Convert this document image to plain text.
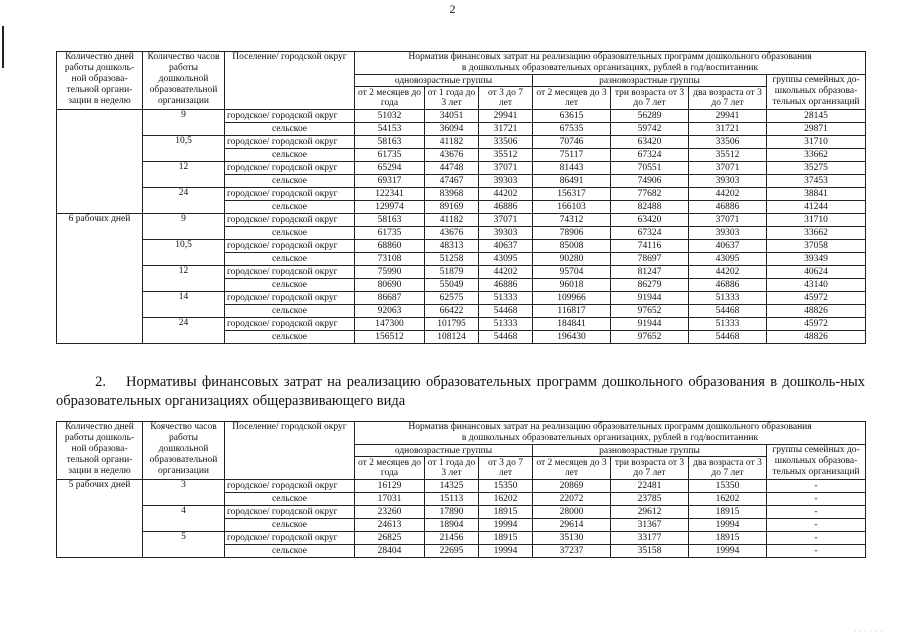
2
Количество дней работы дошколь-ной образова-тельной органи-зации в неделю	Количество часов работы дошкольной образовательной организации	Поселение/ городской округ	Норматив финансовых затрат на реализацию образовательных программ дошкольного образования
в дошкольных образовательных организациях, рублей в год/воспитанник						

			одновозрастные группы			разновозрастные группы			группы семейных до-школьных образова-тельных организаций
			от 2 месяцев до года	от 1 года до 3 лет	от 3 до 7 лет	от 2 месяцев до 3 лет	три возраста от 3 до 7 лет	два возраста от 3 до 7 лет	
	9	городское/ городской округ	51032	34051	29941	63615	56289	29941	28145
		сельское	54153	36094	31721	67535	59742	31721	29871
	10,5	городское/ городской округ	58163	41182	33506	70746	63420	33506	31710
		сельское	61735	43676	35512	75117	67324	35512	33662
	12	городское/ городской округ	65294	44748	37071	81443	70551	37071	35275
		сельское	69317	47467	39303	86491	74906	39303	37453
	24	городское/ городской округ	122341	83968	44202	156317	77682	44202	38841
		сельское	129974	89169	46886	166103	82488	46886	41244
6 рабочих дней	9	городское/ городской округ	58163	41182	37071	74312	63420	37071	31710
		сельское	61735	43676	39303	78906	67324	39303	33662
	10,5	городское/ городской округ	68860	48313	40637	85008	74116	40637	37058
		сельское	73108	51258	43095	90280	78697	43095	39349
	12	городское/ городской округ	75990	51879	44202	95704	81247	44202	40624
		сельское	80690	55049	46886	96018	86279	46886	43140
	14	городское/ городской округ	86687	62575	51333	109966	91944	51333	45972
		сельское	92063	66422	54468	116817	97652	54468	48826
	24	городское/ городской округ	147300	101795	51333	184841	91944	51333	45972
		сельское	156512	108124	54468	196430	97652	54468	48826
2. Нормативы финансовых затрат на реализацию образовательных программ дошкольного образования в дошколь-ных образовательных организациях общеразвивающего вида
Количество дней работы дошколь-ной образова-тельной органи-зации в неделю	Коячество часов работы дошкольной образовательной организации	Поселение/ городской округ	Норматив финансовых затрат на реализацию образовательных программ дошкольного образования
в дошкольных образовательных организациях, рублей в год/воспитанник						

			одновозрастные группы			разновозрастные группы			группы семейных до-школьных образова-тельных организаций
			от 2 месяцев до года	от 1 года до 3 лет	от 3 до 7 лет	от 2 месяцев до 3 лет	три возраста от 3 до 7 лет	два возраста от 3 до 7 лет	
5 рабочих дней	3	городское/ городской округ	16129	14325	15350	20869	22481	15350	-
		сельское	17031	15113	16202	22072	23785	16202	-
	4	городское/ городской округ	23260	17890	18915	28000	29612	18915	-
		сельское	24613	18904	19994	29614	31367	19994	-
	5	городское/ городской округ	26825	21456	18915	35130	33177	18915	-
		сельское	28404	22695	19994	37237	35158	19994	-
· · · · · ·
